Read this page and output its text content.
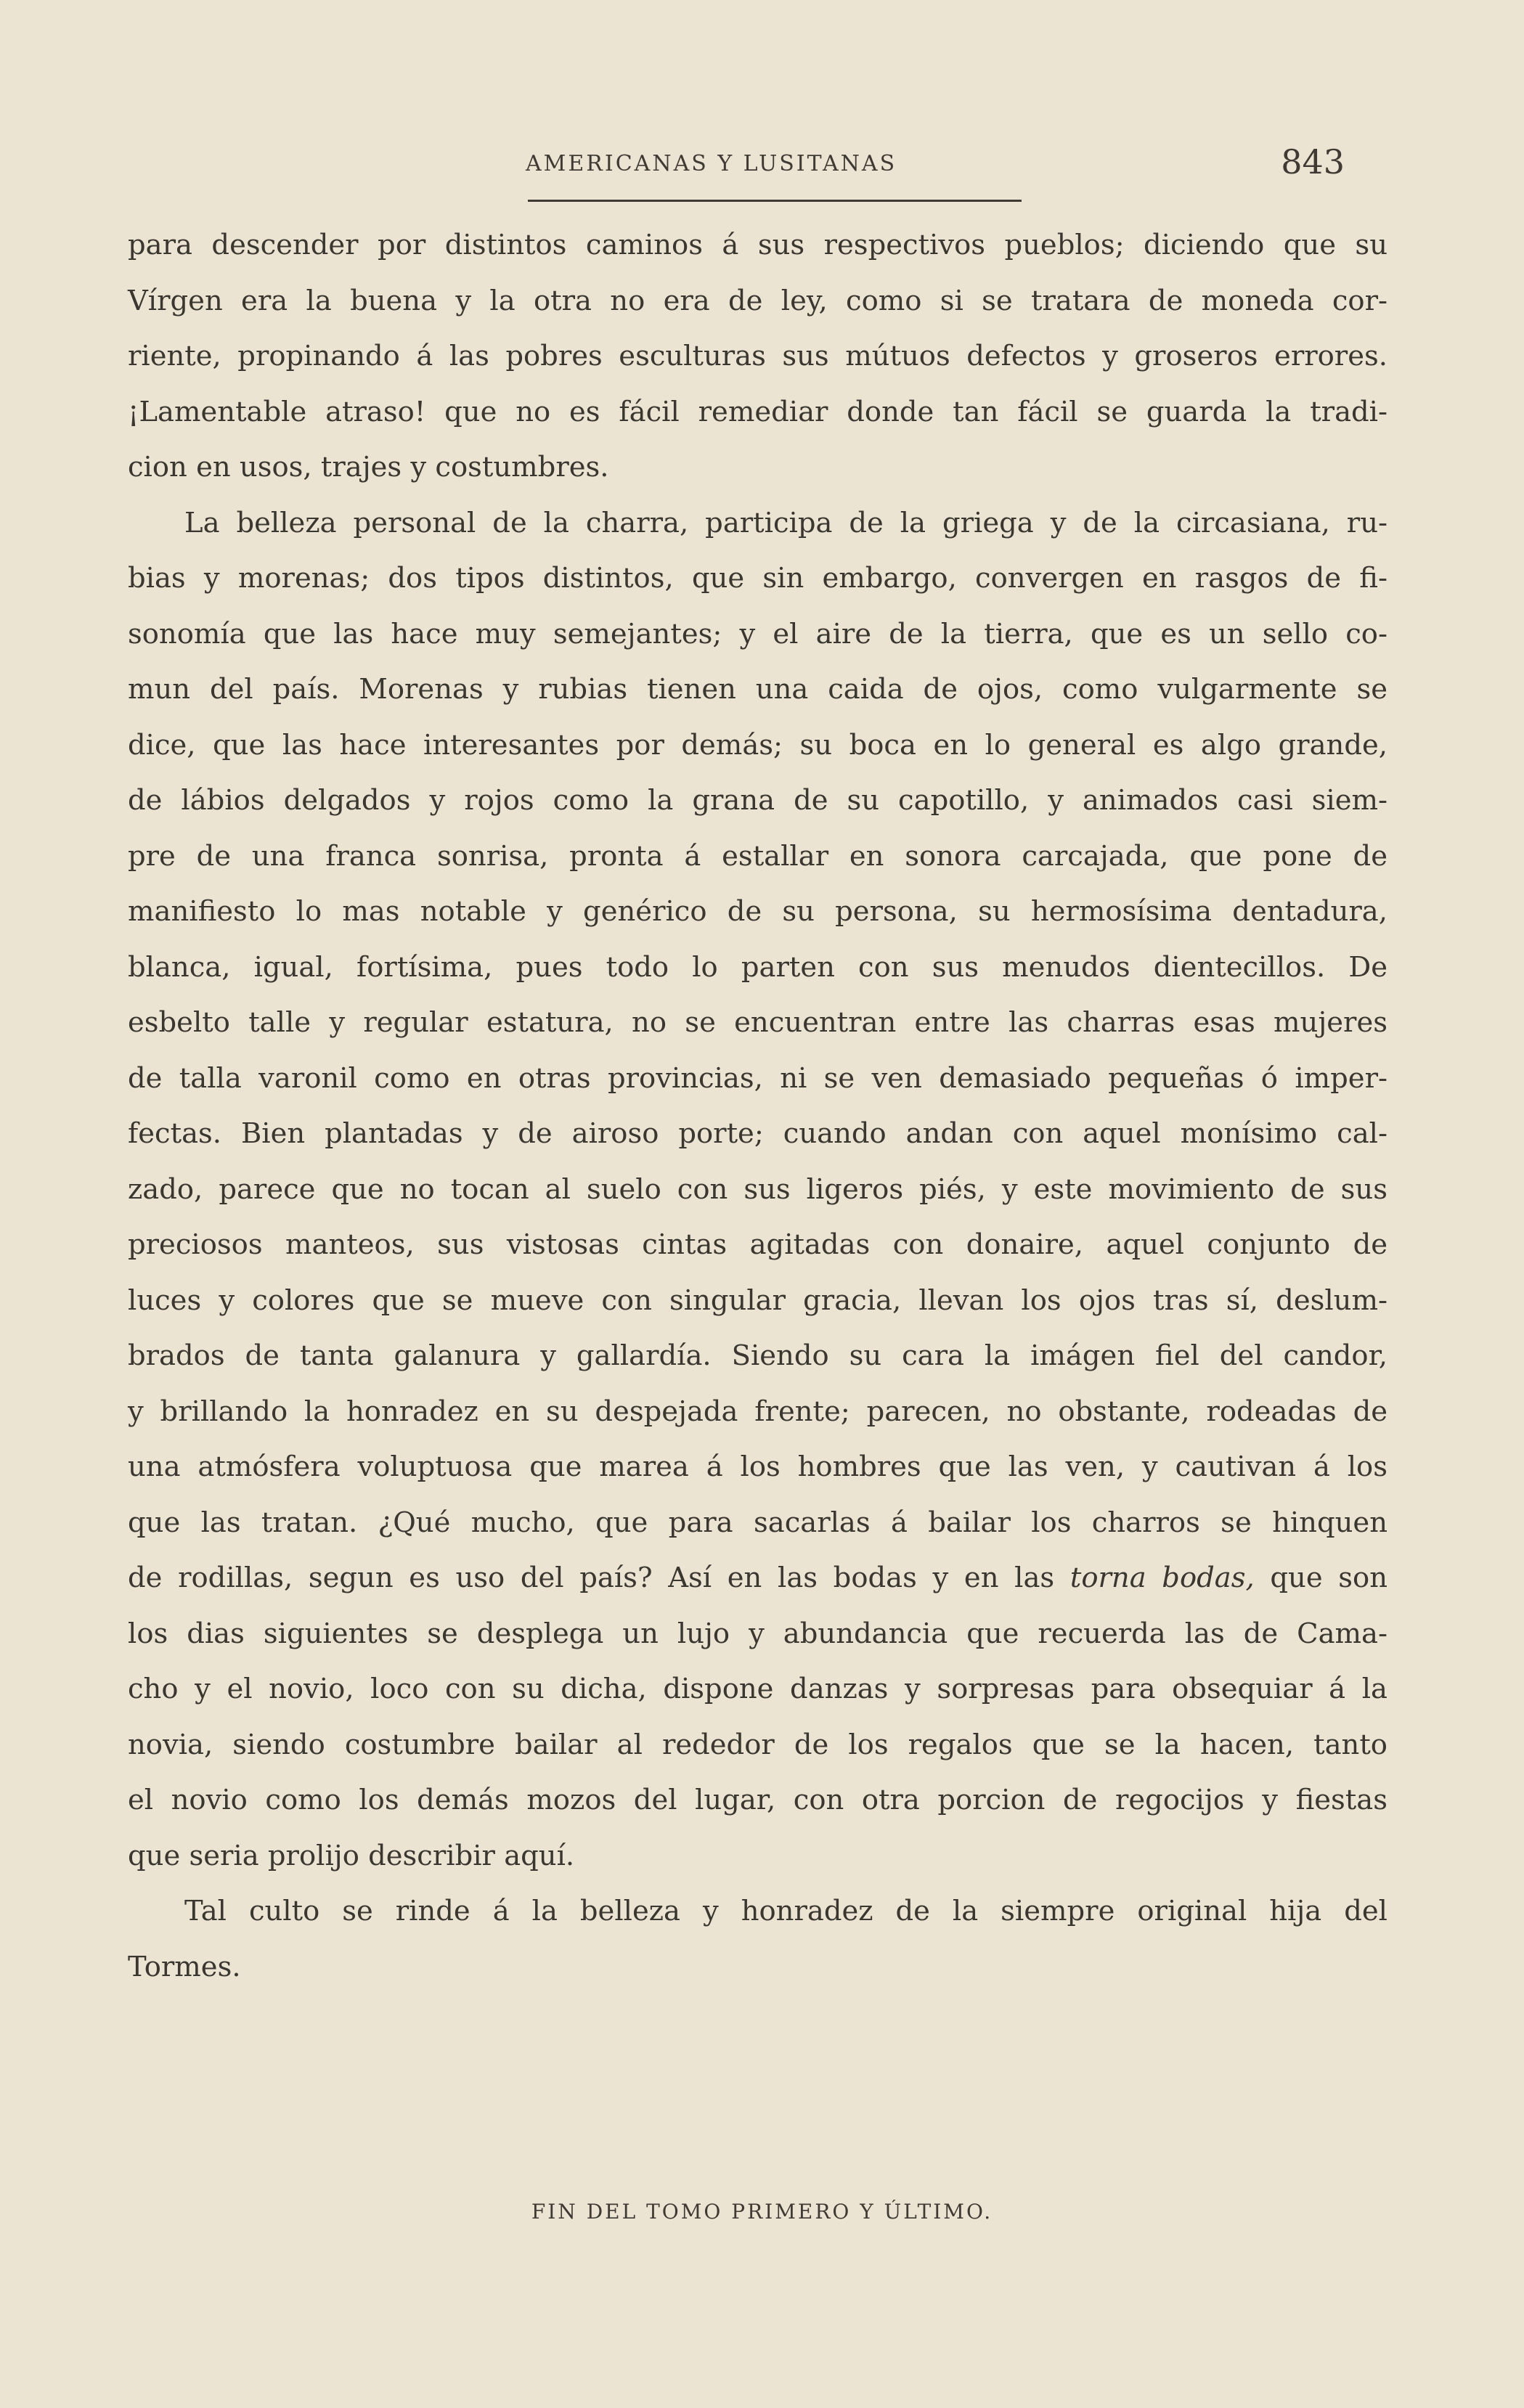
AMERICANAS Y LUSITANAS	843
para descender por distintos caminos á sus respectivos pueblos; diciendo que su
Vírgen era la buena y la otra no era de ley, como si se tratara de moneda cor-
riente, propinando á las pobres esculturas sus mútuos defectos y groseros errores.
¡Lamentable atraso! que no es fácil remediar donde tan fácil se guarda la tradi-
cion en usos, trajes y costumbres.
La belleza personal de la charra, participa de la griega y de la circasiana, ru-
bias y morenas; dos tipos distintos, que sin embargo, convergen en rasgos de fi-
sonomía que las hace muy semejantes; y el aire de la tierra, que es un sello co-
mun del país. Morenas y rubias tienen una caida de ojos, como vulgarmente se
dice, que las hace interesantes por demás; su boca en lo general es algo grande,
de lábios delgados y rojos como la grana de su capotillo, y animados casi siem-
pre de una franca sonrisa, pronta á estallar en sonora carcajada, que pone de
manifiesto lo mas notable y genérico de su persona, su hermosísima dentadura,
blanca, igual, fortísima, pues todo lo parten con sus menudos dientecillos. De
esbelto talle y regular estatura, no se encuentran entre las charras esas mujeres
de talla varonil como en otras provincias, ni se ven demasiado pequeñas ó imper-
fectas. Bien plantadas y de airoso porte; cuando andan con aquel monísimo cal-
zado, parece que no tocan al suelo con sus ligeros piés, y este movimiento de sus
preciosos manteos, sus vistosas cintas agitadas con donaire, aquel conjunto de
luces y colores que se mueve con singular gracia, llevan los ojos tras sí, deslum-
brados de tanta galanura y gallardía. Siendo su cara la imágen fiel del candor,
y brillando la honradez en su despejada frente; parecen, no obstante, rodeadas de
una atmósfera voluptuosa que marea á los hombres que las ven, y cautivan á los
que las tratan. ¿Qué mucho, que para sacarlas á bailar los charros se hinquen
de rodillas, segun es uso del país? Así en las bodas y en las torna bodas, que son
los dias siguientes se desplega un lujo y abundancia que recuerda las de Cama-
cho y el novio, loco con su dicha, dispone danzas y sorpresas para obsequiar á la
novia, siendo costumbre bailar al rededor de los regalos que se la hacen, tanto
el novio como los demás mozos del lugar, con otra porcion de regocijos y fiestas
que seria prolijo describir aquí.
Tal culto se rinde á la belleza y honradez de la siempre original hija del
Tormes.
FIN DEL TOMO PRIMERO Y ÚLTIMO.
